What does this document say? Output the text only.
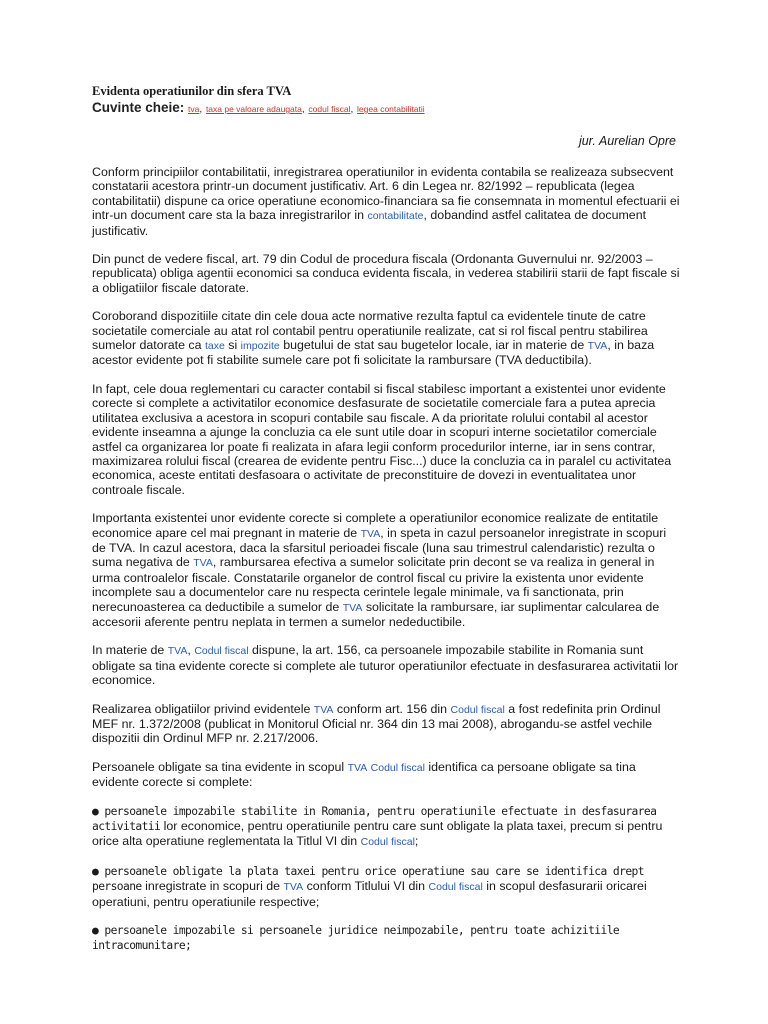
Evidenta operatiunilor din sfera TVA
Cuvinte cheie: tva, taxa pe valoare adaugata, codul fiscal, legea contabilitatii
jur. Aurelian Opre

Conform principiilor contabilitatii, inregistrarea operatiunilor in evidenta contabila se realizeaza subsecvent constatarii acestora printr-un document justificativ. Art. 6 din Legea nr. 82/1992 – republicata (legea contabilitatii) dispune ca orice operatiune economico-financiara sa fie consemnata in momentul efectuarii ei intr-un document care sta la baza inregistrarilor in contabilitate, dobandind astfel calitatea de document justificativ.

Din punct de vedere fiscal, art. 79 din Codul de procedura fiscala (Ordonanta Guvernului nr. 92/2003 – republicata) obliga agentii economici sa conduca evidenta fiscala, in vederea stabilirii starii de fapt fiscale si a obligatiilor fiscale datorate.

Coroborand dispozitiile citate din cele doua acte normative rezulta faptul ca evidentele tinute de catre societatile comerciale au atat rol contabil pentru operatiunile realizate, cat si rol fiscal pentru stabilirea sumelor datorate ca taxe si impozite bugetului de stat sau bugetelor locale, iar in materie de TVA, in baza acestor evidente pot fi stabilite sumele care pot fi solicitate la rambursare (TVA deductibila).

In fapt, cele doua reglementari cu caracter contabil si fiscal stabilesc important a existentei unor evidente corecte si complete a activitatilor economice desfasurate de societatile comerciale fara a putea aprecia utilitatea exclusiva a acestora in scopuri contabile sau fiscale. A da prioritate rolului contabil al acestor evidente inseamna a ajunge la concluzia ca ele sunt utile doar in scopuri interne societatilor comerciale astfel ca organizarea lor poate fi realizata in afara legii conform procedurilor interne, iar in sens contrar, maximizarea rolului fiscal (crearea de evidente pentru Fisc...) duce la concluzia ca in paralel cu activitatea economica, aceste entitati desfasoara o activitate de preconstituire de dovezi in eventualitatea unor controale fiscale.

Importanta existentei unor evidente corecte si complete a operatiunilor economice realizate de entitatile economice apare cel mai pregnant in materie de TVA, in speta in cazul persoanelor inregistrate in scopuri de TVA. In cazul acestora, daca la sfarsitul perioadei fiscale (luna sau trimestrul calendaristic) rezulta o suma negativa de TVA, rambursarea efectiva a sumelor solicitate prin decont se va realiza in general in urma controalelor fiscale. Constatarile organelor de control fiscal cu privire la existenta unor evidente incomplete sau a documentelor care nu respecta cerintele legale minimale, va fi sanctionata, prin nerecunoasterea ca deductibile a sumelor de TVA solicitate la rambursare, iar suplimentar calcularea de accesorii aferente pentru neplata in termen a sumelor nedeductibile.

In materie de TVA, Codul fiscal dispune, la art. 156, ca persoanele impozabile stabilite in Romania sunt obligate sa tina evidente corecte si complete ale tuturor operatiunilor efectuate in desfasurarea activitatii lor economice.

Realizarea obligatiilor privind evidentele TVA conform art. 156 din Codul fiscal a fost redefinita prin Ordinul MEF nr. 1.372/2008 (publicat in Monitorul Oficial nr. 364 din 13 mai 2008), abrogandu-se astfel vechile dispozitii din Ordinul MFP nr. 2.217/2006.

Persoanele obligate sa tina evidente in scopul TVA Codul fiscal identifica ca persoane obligate sa tina evidente corecte si complete:

● persoanele impozabile stabilite in Romania, pentru operatiunile efectuate in desfasurarea activitatii lor economice, pentru operatiunile pentru care sunt obligate la plata taxei, precum si pentru orice alta operatiune reglementata la Titlul VI din Codul fiscal;

● persoanele obligate la plata taxei pentru orice operatiune sau care se identifica drept persoane inregistrate in scopuri de TVA conform Titlului VI din Codul fiscal in scopul desfasurarii oricarei operatiuni, pentru operatiunile respective;

● persoanele impozabile si persoanele juridice neimpozabile, pentru toate achizitiile intracomunitare;
